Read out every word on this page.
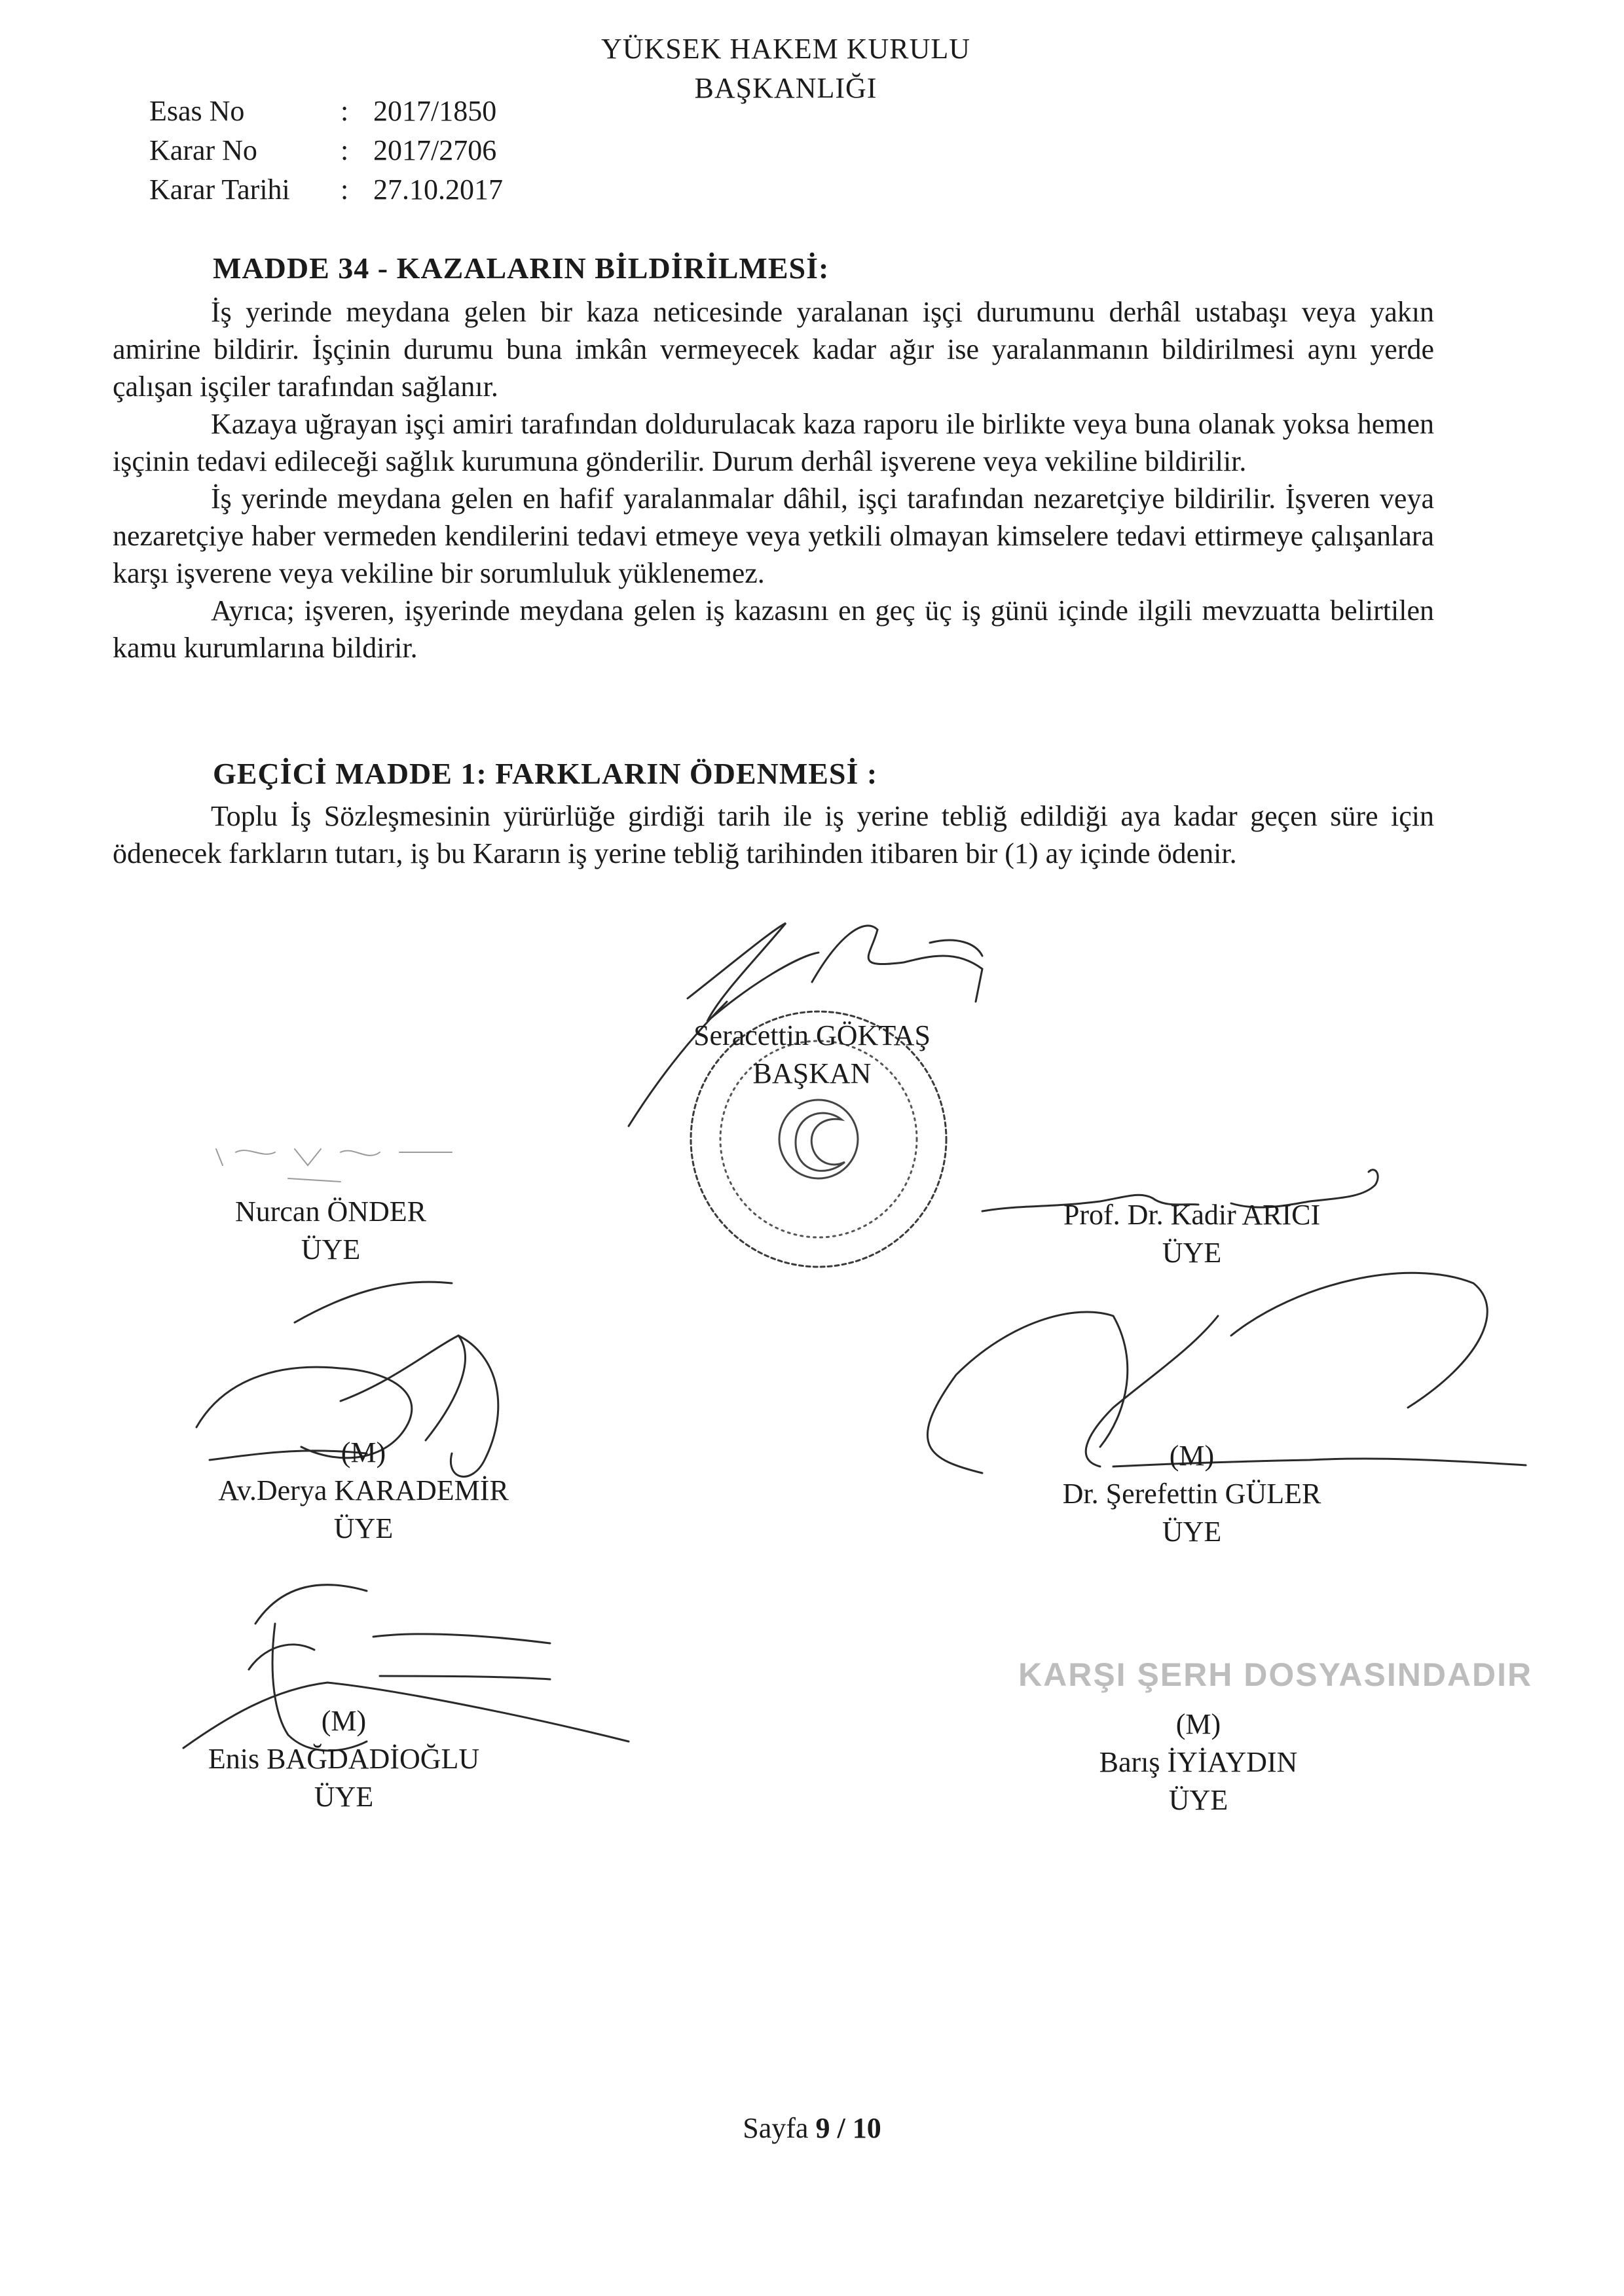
YÜKSEK HAKEM KURULU
BAŞKANLIĞI
Esas No	: 2017/1850
Karar No	: 2017/2706
Karar Tarihi	: 27.10.2017
MADDE 34 - KAZALARIN BİLDİRİLMESİ:
İş yerinde meydana gelen bir kaza neticesinde yaralanan işçi durumunu derhâl ustabaşı veya yakın amirine bildirir. İşçinin durumu buna imkân vermeyecek kadar ağır ise yaralanmanın bildirilmesi aynı yerde çalışan işçiler tarafından sağlanır.
Kazaya uğrayan işçi amiri tarafından doldurulacak kaza raporu ile birlikte veya buna olanak yoksa hemen işçinin tedavi edileceği sağlık kurumuna gönderilir. Durum derhâl işverene veya vekiline bildirilir.
İş yerinde meydana gelen en hafif yaralanmalar dâhil, işçi tarafından nezaretçiye bildirilir. İşveren veya nezaretçiye haber vermeden kendilerini tedavi etmeye veya yetkili olmayan kimselere tedavi ettirmeye çalışanlara karşı işverene veya vekiline bir sorumluluk yüklenemez.
Ayrıca; işveren, işyerinde meydana gelen iş kazasını en geç üç iş günü içinde ilgili mevzuatta belirtilen kamu kurumlarına bildirir.
GEÇİCİ MADDE 1: FARKLARIN ÖDENMESİ :
Toplu İş Sözleşmesinin yürürlüğe girdiği tarih ile iş yerine tebliğ edildiği aya kadar geçen süre için ödenecek farkların tutarı, iş bu Kararın iş yerine tebliğ tarihinden itibaren bir (1) ay içinde ödenir.
KARŞI ŞERH DOSYASINDADIR
Seracettin GÖKTAŞ
BAŞKAN
Nurcan ÖNDER
ÜYE
Prof. Dr. Kadir ARICI
ÜYE
(M)
Av.Derya KARADEMİR
ÜYE
(M)
Dr. Şerefettin GÜLER
ÜYE
(M)
Enis BAĞDADİOĞLU
ÜYE
(M)
Barış İYİAYDIN
ÜYE
Sayfa 9 / 10
